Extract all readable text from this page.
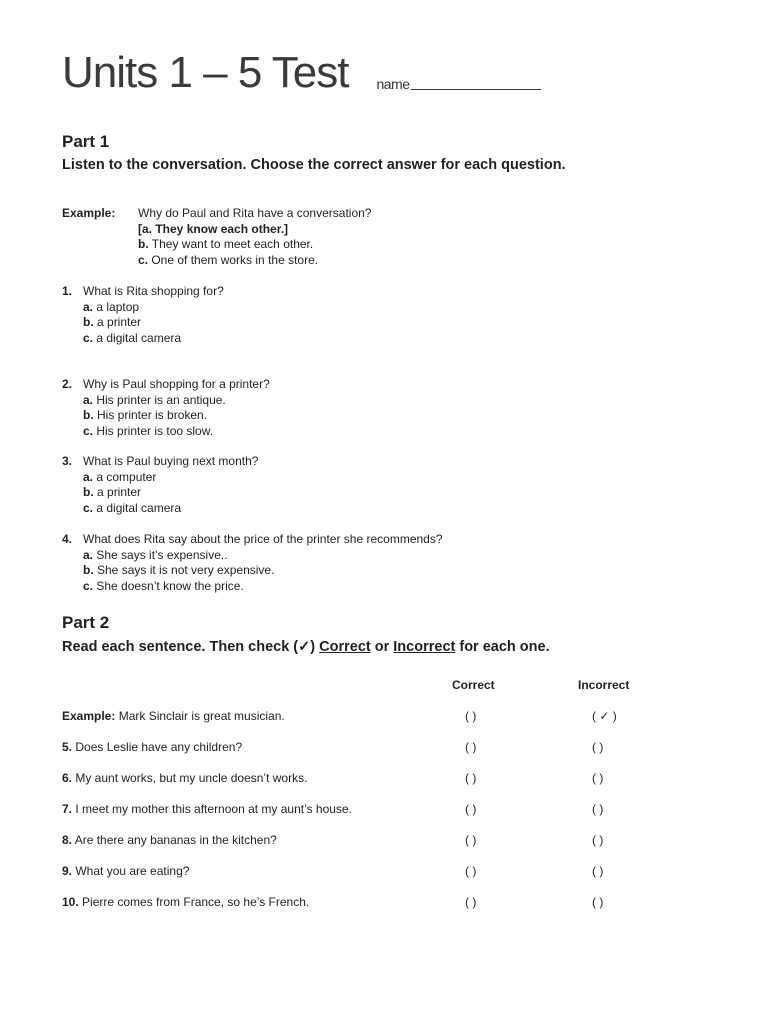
Units 1 – 5 Test name
Part 1
Listen to the conversation. Choose the correct answer for each question.
Example: Why do Paul and Rita have a conversation?
[a. They know each other.]
b. They want to meet each other.
c. One of them works in the store.
1. What is Rita shopping for?
a. a laptop
b. a printer
c. a digital camera
2. Why is Paul shopping for a printer?
a. His printer is an antique.
b. His printer is broken.
c. His printer is too slow.
3. What is Paul buying next month?
a. a computer
b. a printer
c. a digital camera
4. What does Rita say about the price of the printer she recommends?
a. She says it’s expensive..
b. She says it is not very expensive.
c. She doesn’t know the price.
Part 2
Read each sentence. Then check (✓) Correct or Incorrect for each one.
Correct	Incorrect
Example: Mark Sinclair is great musician.	( )	( ✓ )
5. Does Leslie have any children?	( )	( )
6. My aunt works, but my uncle doesn’t works.	( )	( )
7. I meet my mother this afternoon at my aunt’s house.	( )	( )
8. Are there any bananas in the kitchen?	( )	( )
9. What you are eating?	( )	( )
10. Pierre comes from France, so he’s French.	( )	( )
